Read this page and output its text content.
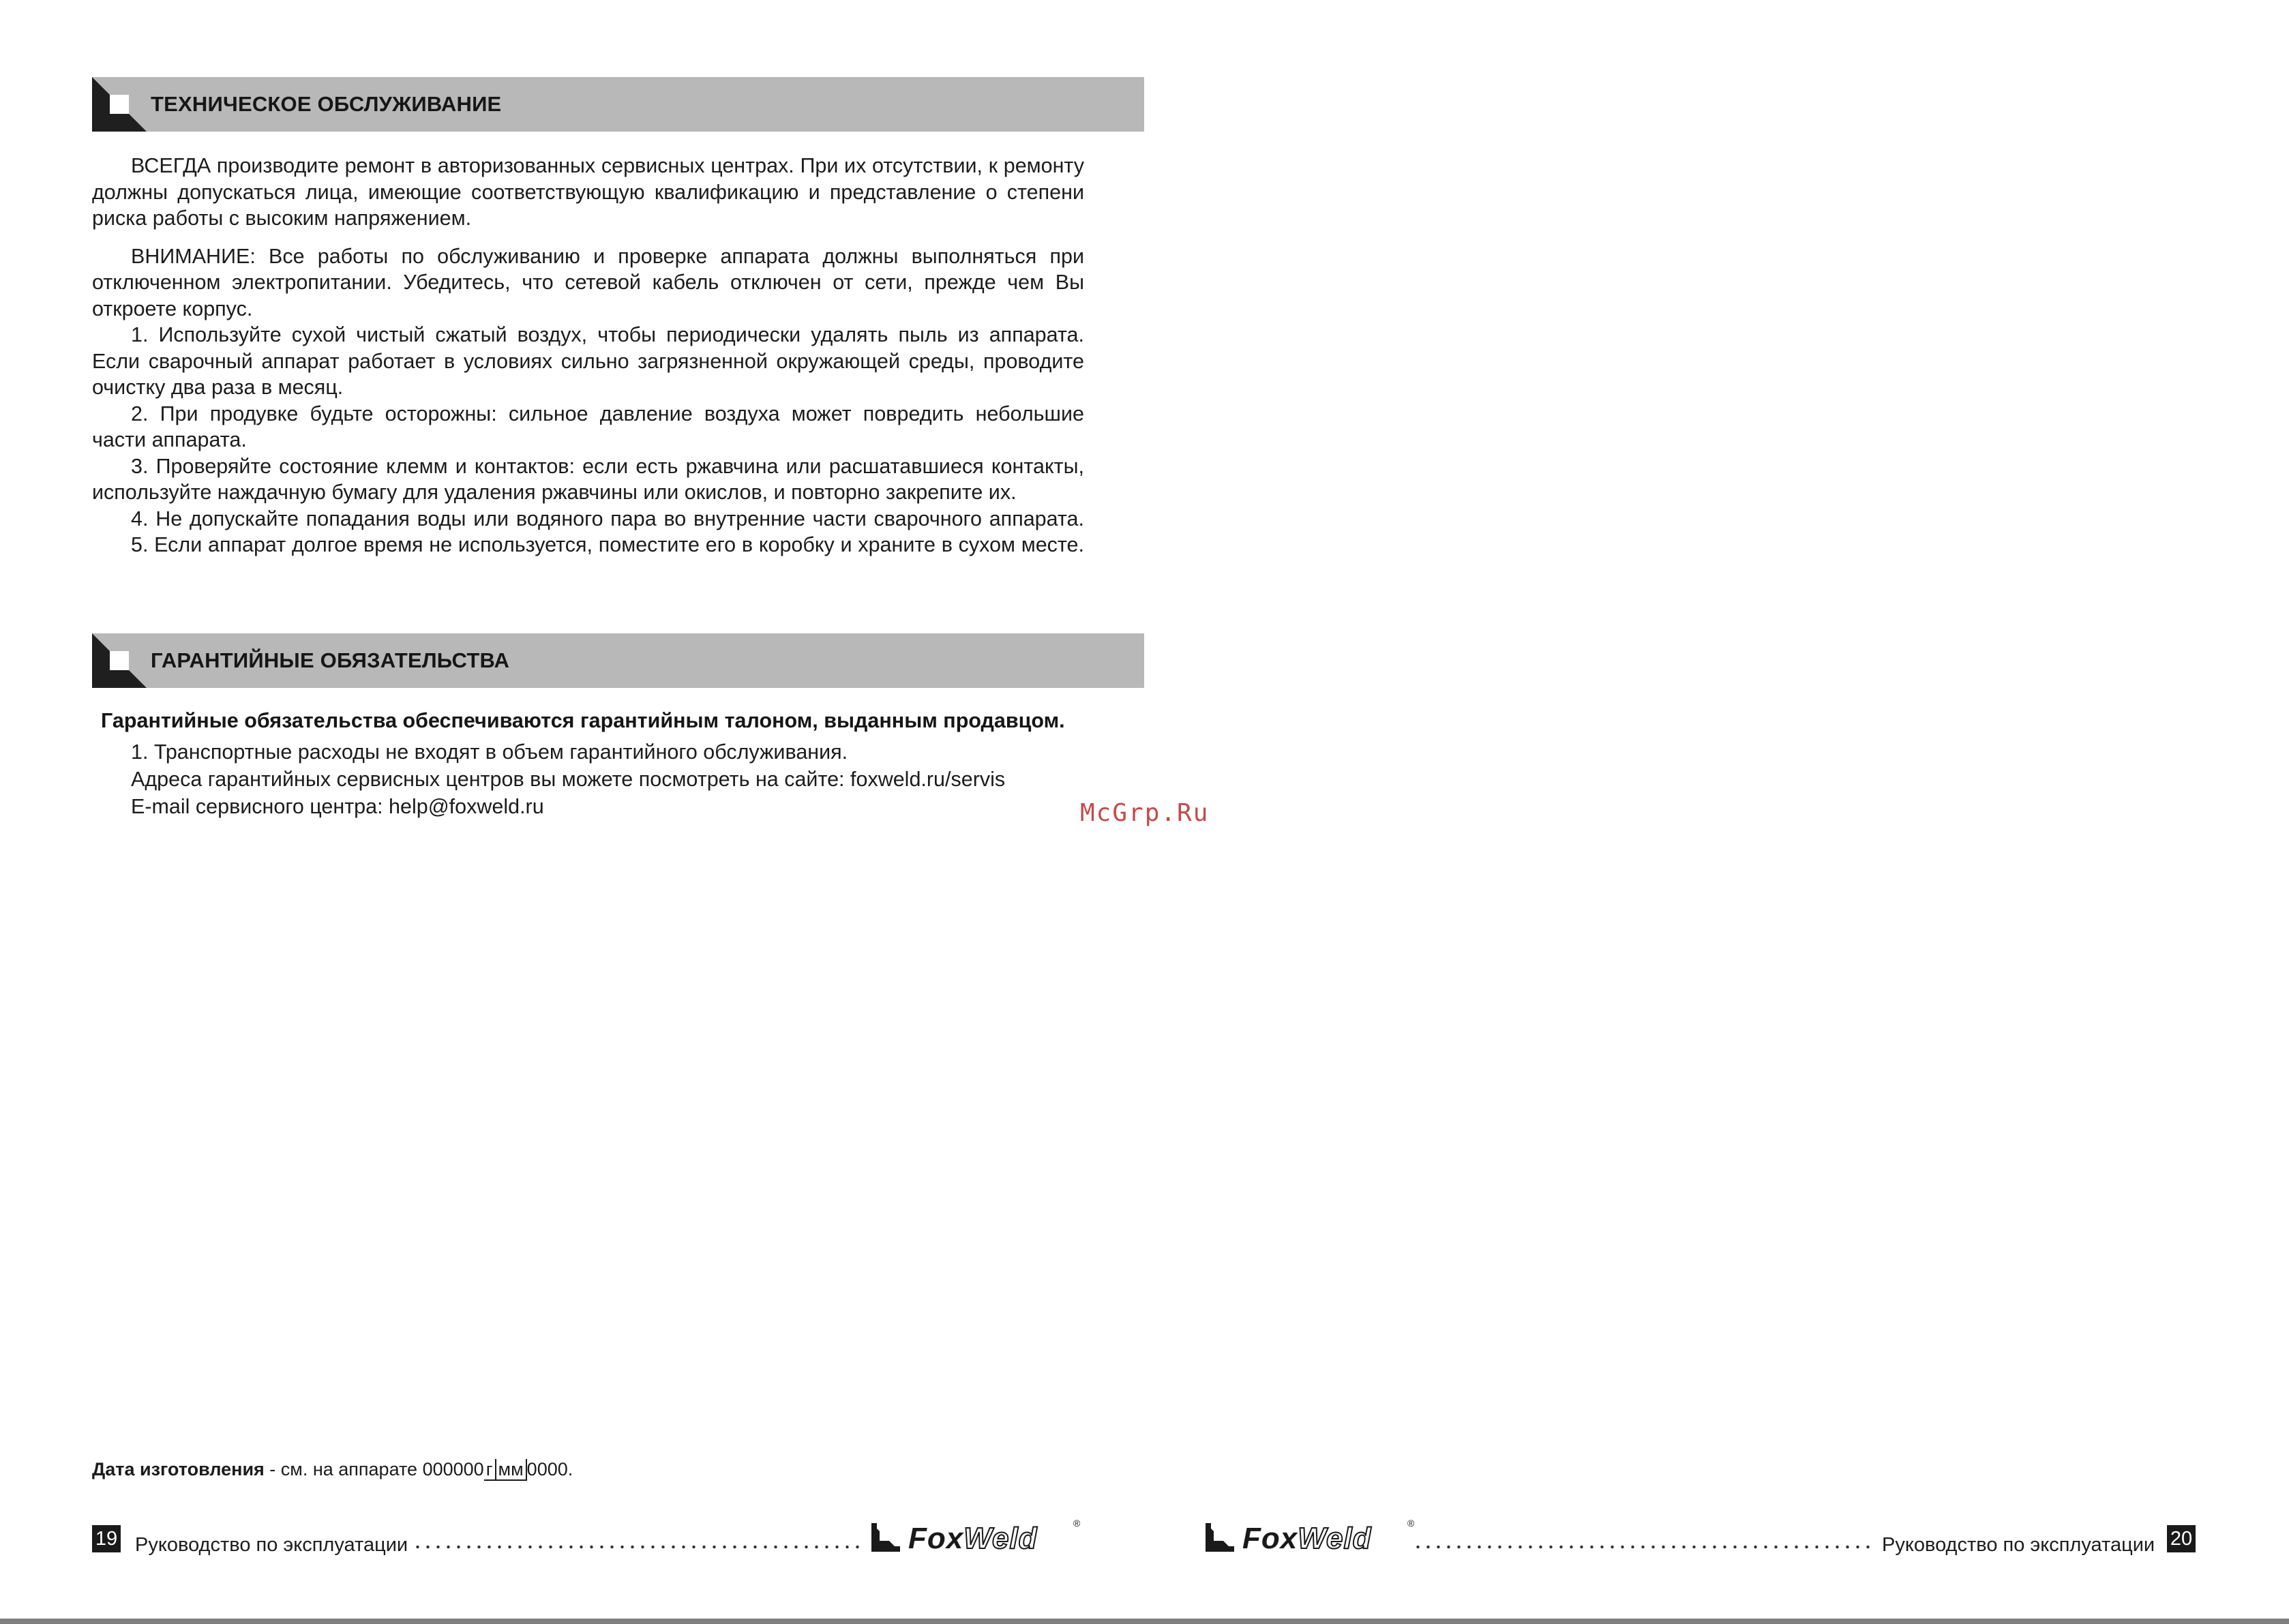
ТЕХНИЧЕСКОЕ ОБСЛУЖИВАНИЕ

ВСЕГДА производите ремонт в авторизованных сервисных центрах. При их отсутствии, к ремонту должны допускаться лица, имеющие соответствующую квалификацию и представление о степени риска работы с высоким напряжением.

ВНИМАНИЕ: Все работы по обслуживанию и проверке аппарата должны выполняться при отключенном электропитании. Убедитесь, что сетевой кабель отключен от сети, прежде чем Вы откроете корпус.

1. Используйте сухой чистый сжатый воздух, чтобы периодически удалять пыль из аппарата. Если сварочный аппарат работает в условиях сильно загрязненной окружающей среды, проводите очистку два раза в месяц.

2. При продувке будьте осторожны: сильное давление воздуха может повредить небольшие части аппарата.

3. Проверяйте состояние клемм и контактов: если есть ржавчина или расшатавшиеся контакты, используйте наждачную бумагу для удаления ржавчины или окислов, и повторно закрепите их.

4. Не допускайте попадания воды или водяного пара во внутренние части сварочного аппарата.

5. Если аппарат долгое время не используется, поместите его в коробку и храните в сухом месте.

ГАРАНТИЙНЫЕ ОБЯЗАТЕЛЬСТВА
Гарантийные обязательства обеспечиваются гарантийным талоном, выданным продавцом.
1. Транспортные расходы не входят в объем гарантийного обслуживания.
Адреса гарантийных сервисных центров вы можете посмотреть на сайте: foxweld.ru/servis
E-mail сервисного центра: help@foxweld.ru	McGrp.Ru
Дата изготовления - см. на аппарате 000000 г мм 0000.
19 Руководство по эксплуатации	FoxWeld	®	FoxWeld	®
Руководство по эксплуатации 20
